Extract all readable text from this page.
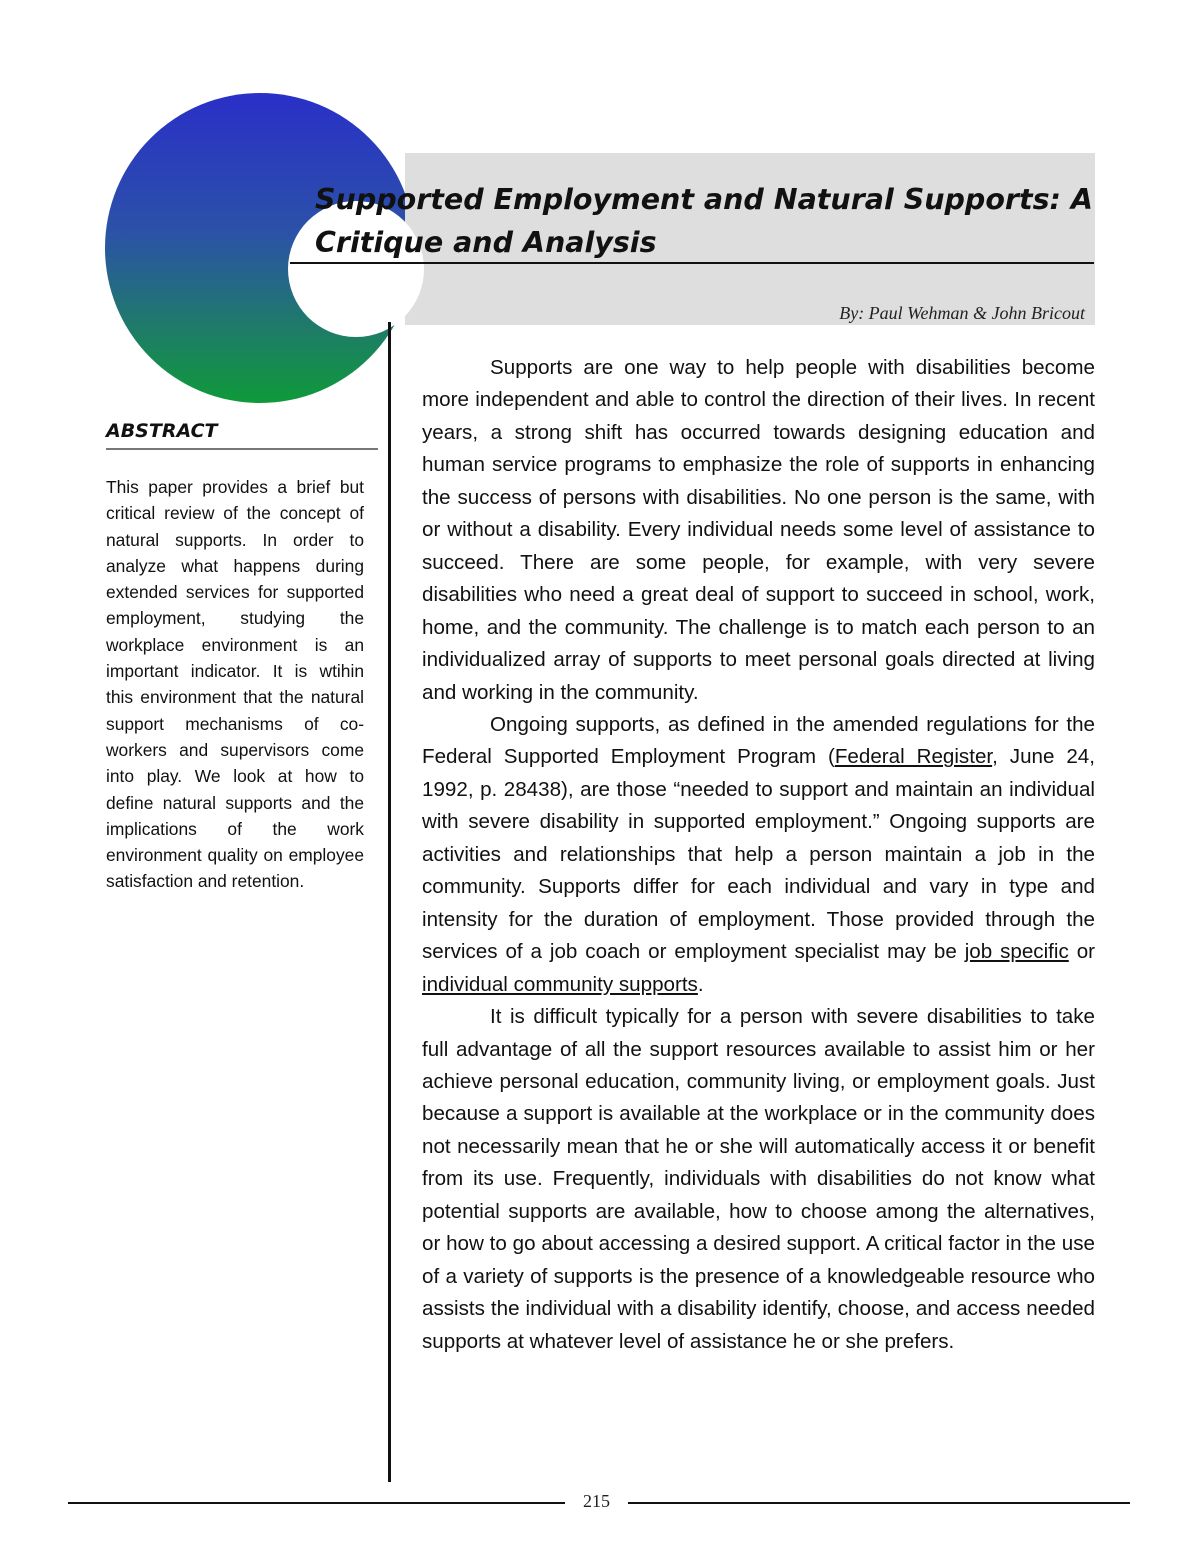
Supported Employment and Natural Supports: A Critique and Analysis

By: Paul Wehman & John Bricout

ABSTRACT

This paper provides a brief but critical review of the concept of natural supports. In order to analyze what happens during extended services for supported employment, studying the workplace environment is an important indicator. It is wtihin this environment that the natural support mechanisms of co-workers and supervisors come into play. We look at how to define natural supports and the implications of the work environment quality on employee satisfaction and retention.

Supports are one way to help people with disabilities become more independent and able to control the direction of their lives. In recent years, a strong shift has occurred towards designing education and human service programs to emphasize the role of supports in enhancing the success of persons with disabilities. No one person is the same, with or without a disability. Every individual needs some level of assistance to succeed. There are some people, for example, with very severe disabilities who need a great deal of support to succeed in school, work, home, and the community. The challenge is to match each person to an individualized array of supports to meet personal goals directed at living and working in the community.

Ongoing supports, as defined in the amended regulations for the Federal Supported Employment Program (Federal Register, June 24, 1992, p. 28438), are those “needed to support and maintain an individual with severe disability in supported employment.” Ongoing supports are activities and relationships that help a person maintain a job in the community. Supports differ for each individual and vary in type and intensity for the duration of employment. Those provided through the services of a job coach or employment specialist may be job specific or individual community supports.

It is difficult typically for a person with severe disabilities to take full advantage of all the support resources available to assist him or her achieve personal education, community living, or employment goals. Just because a support is available at the workplace or in the community does not necessarily mean that he or she will automatically access it or benefit from its use. Frequently, individuals with disabilities do not know what potential supports are available, how to choose among the alternatives, or how to go about accessing a desired support. A critical factor in the use of a variety of supports is the presence of a knowledgeable resource who assists the individual with a disability identify, choose, and access needed supports at whatever level of assistance he or she prefers.

215
